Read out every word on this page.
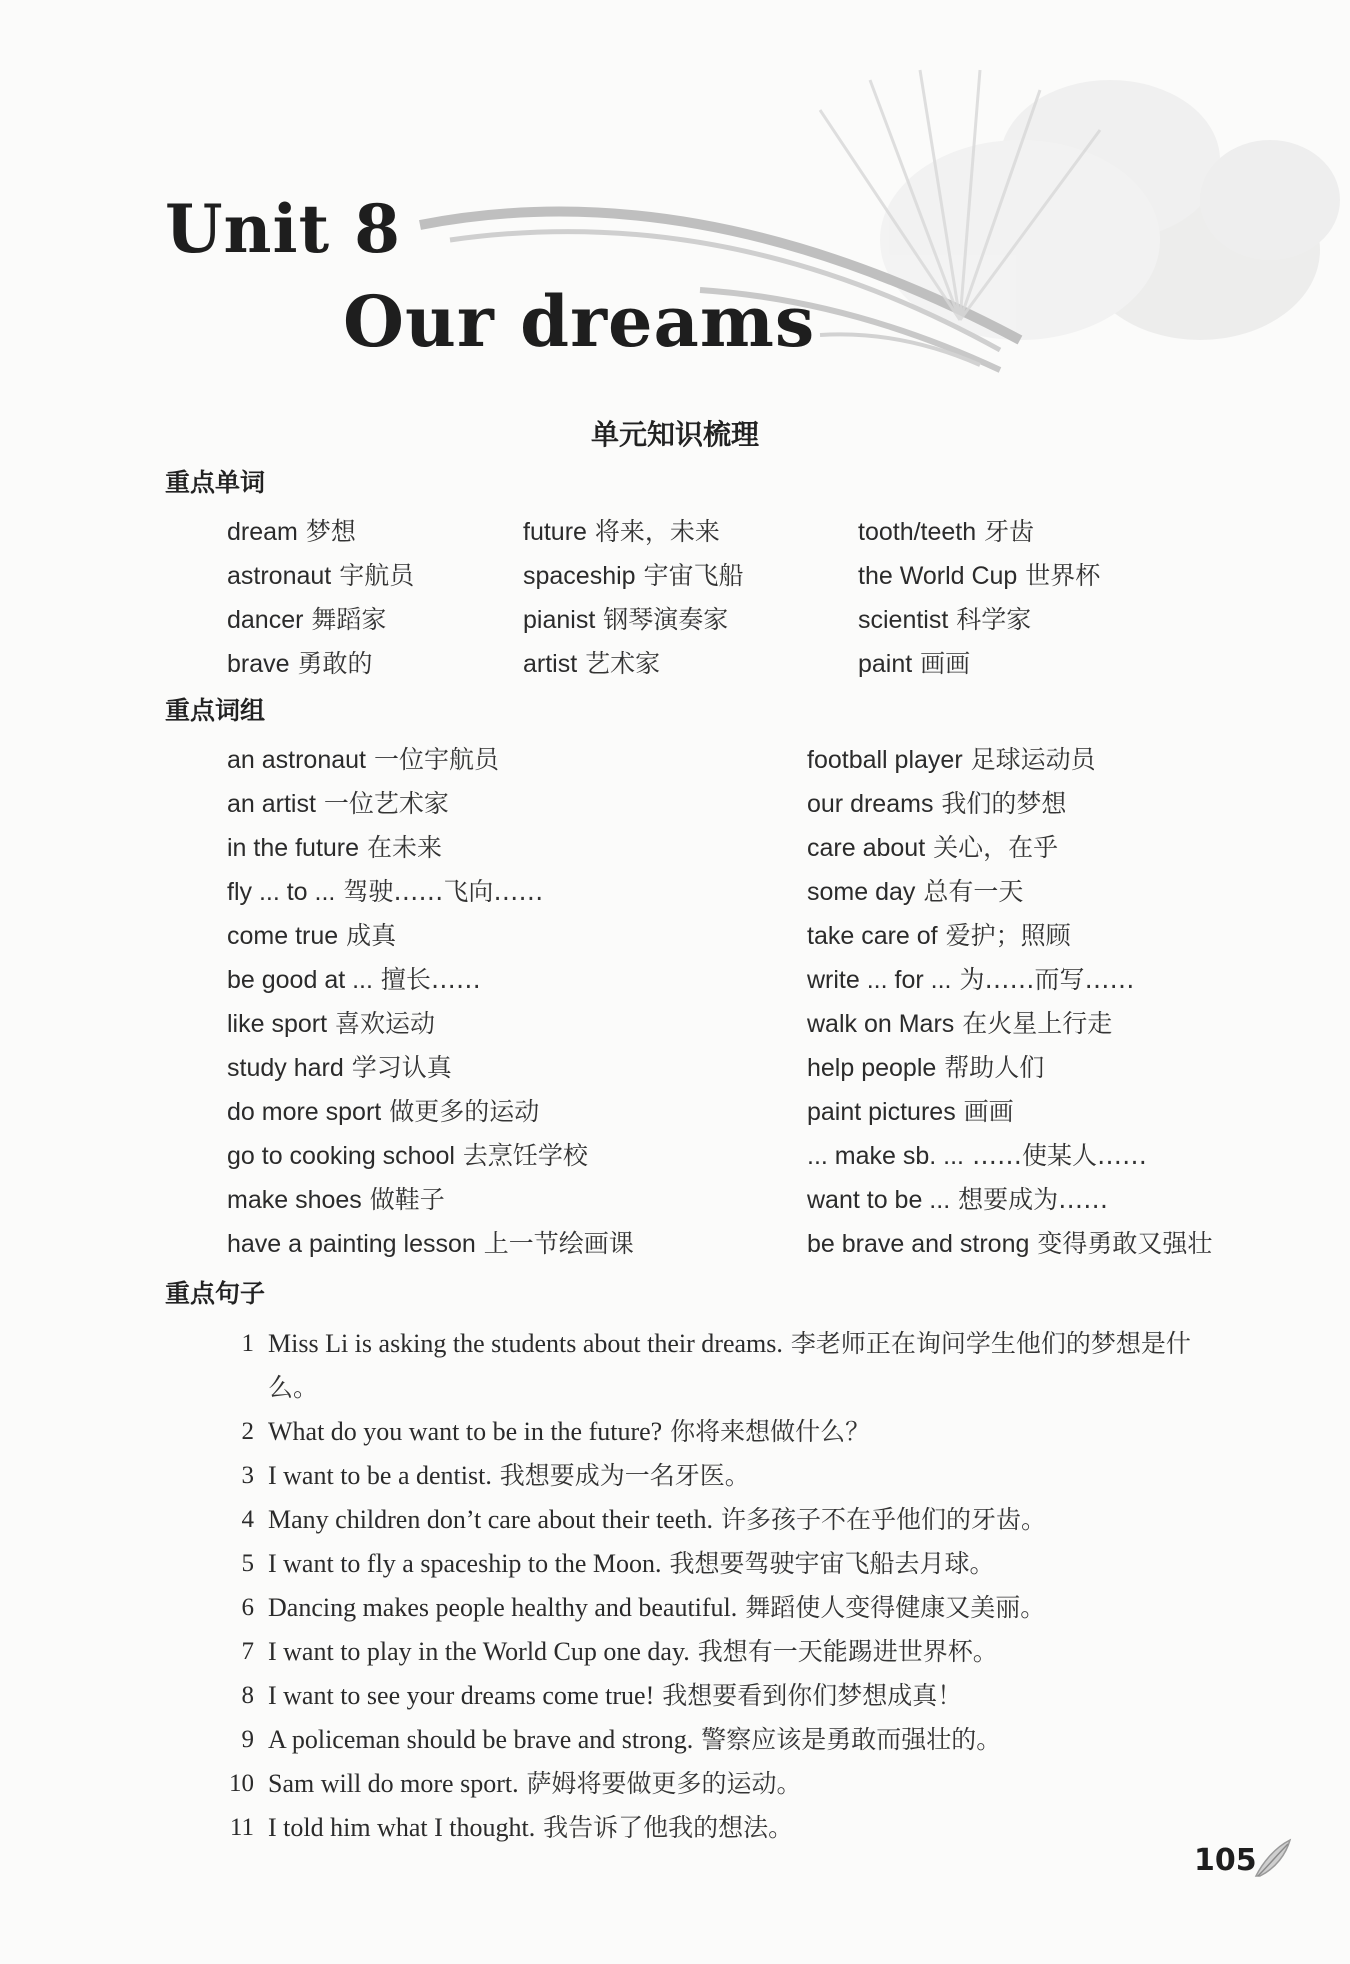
Unit 8
Our dreams
单元知识梳理
重点单词
dream 梦想
astronaut 宇航员
dancer 舞蹈家
brave 勇敢的
future 将来，未来
spaceship 宇宙飞船
pianist 钢琴演奏家
artist 艺术家
tooth/teeth 牙齿
the World Cup 世界杯
scientist 科学家
paint 画画
重点词组
an astronaut 一位宇航员
an artist 一位艺术家
in the future 在未来
fly ... to ... 驾驶……飞向……
come true 成真
be good at ... 擅长……
like sport 喜欢运动
study hard 学习认真
do more sport 做更多的运动
go to cooking school 去烹饪学校
make shoes 做鞋子
have a painting lesson 上一节绘画课
football player 足球运动员
our dreams 我们的梦想
care about 关心，在乎
some day 总有一天
take care of 爱护；照顾
write ... for ... 为……而写……
walk on Mars 在火星上行走
help people 帮助人们
paint pictures 画画
... make sb. ... ……使某人……
want to be ... 想要成为……
be brave and strong 变得勇敢又强壮
重点句子
1 Miss Li is asking the students about their dreams. 李老师正在询问学生他们的梦想是什么。
2 What do you want to be in the future? 你将来想做什么？
3 I want to be a dentist. 我想要成为一名牙医。
4 Many children don’t care about their teeth. 许多孩子不在乎他们的牙齿。
5 I want to fly a spaceship to the Moon. 我想要驾驶宇宙飞船去月球。
6 Dancing makes people healthy and beautiful. 舞蹈使人变得健康又美丽。
7 I want to play in the World Cup one day. 我想有一天能踢进世界杯。
8 I want to see your dreams come true! 我想要看到你们梦想成真！
9 A policeman should be brave and strong. 警察应该是勇敢而强壮的。
10 Sam will do more sport. 萨姆将要做更多的运动。
11 I told him what I thought. 我告诉了他我的想法。
105
